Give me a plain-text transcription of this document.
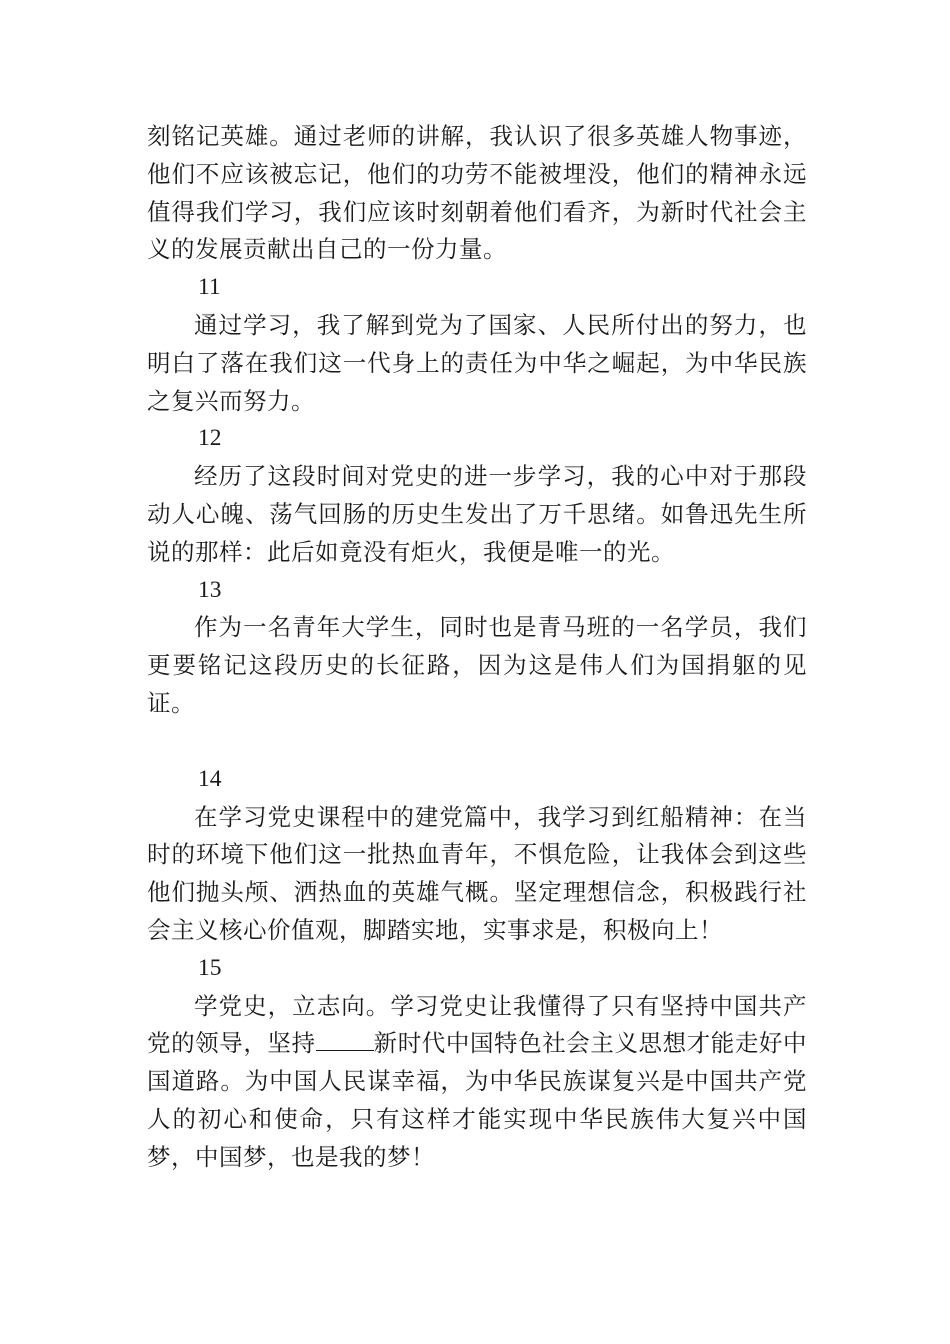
刻铭记英雄。通过老师的讲解，我认识了很多英雄人物事迹，他们不应该被忘记，他们的功劳不能被埋没，他们的精神永远值得我们学习，我们应该时刻朝着他们看齐，为新时代社会主义的发展贡献出自己的一份力量。

11

通过学习，我了解到党为了国家、人民所付出的努力，也明白了落在我们这一代身上的责任为中华之崛起，为中华民族之复兴而努力。

12

经历了这段时间对党史的进一步学习，我的心中对于那段动人心魄、荡气回肠的历史生发出了万千思绪。如鲁迅先生所说的那样：此后如竟没有炬火，我便是唯一的光。

13

作为一名青年大学生，同时也是青马班的一名学员，我们更要铭记这段历史的长征路，因为这是伟人们为国捐躯的见证。

14

在学习党史课程中的建党篇中，我学习到红船精神：在当时的环境下他们这一批热血青年，不惧危险，让我体会到这些他们抛头颅、洒热血的英雄气概。坚定理想信念，积极践行社会主义核心价值观，脚踏实地，实事求是，积极向上！

15

学党史，立志向。学习党史让我懂得了只有坚持中国共产党的领导，坚持 新时代中国特色社会主义思想才能走好中国道路。为中国人民谋幸福，为中华民族谋复兴是中国共产党人的初心和使命，只有这样才能实现中华民族伟大复兴中国梦，中国梦，也是我的梦！
